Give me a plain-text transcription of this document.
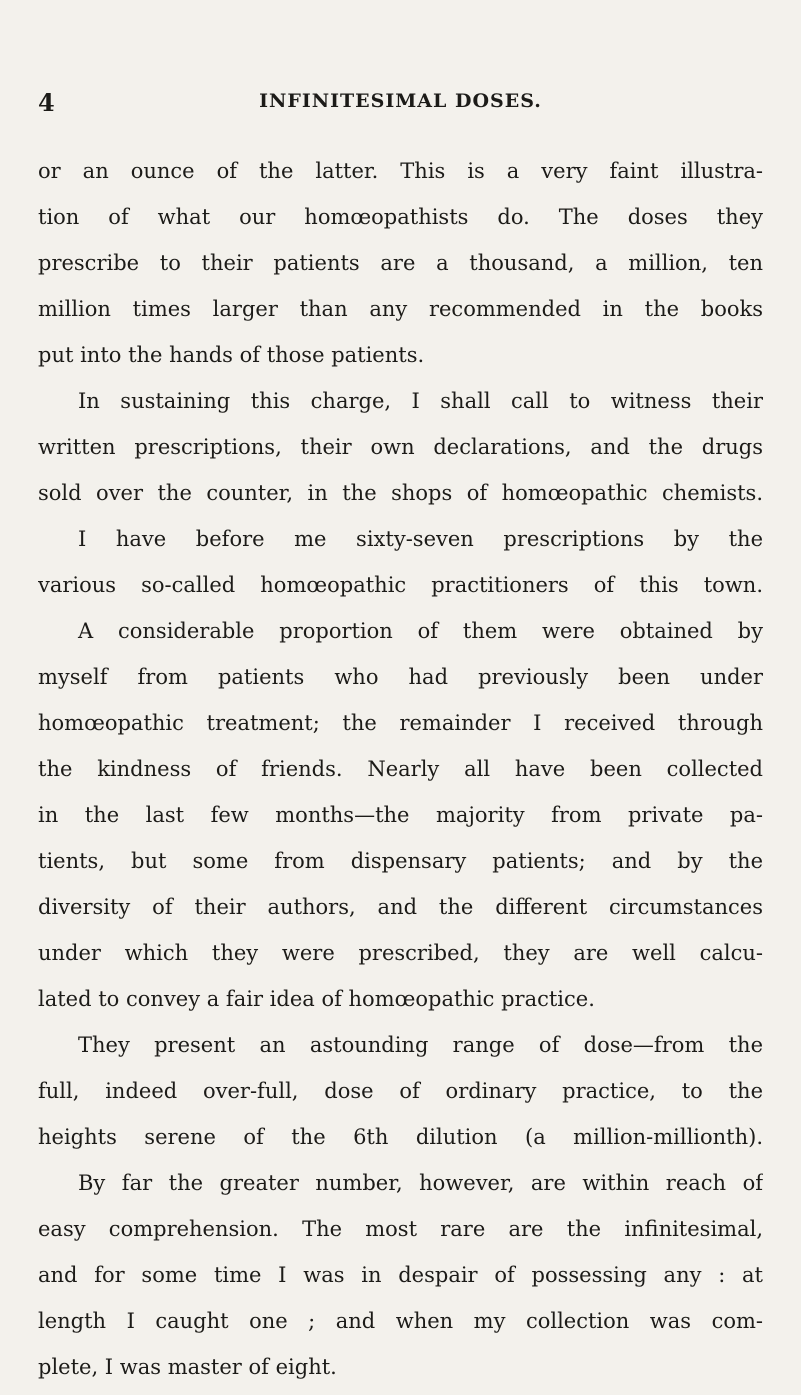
4	INFINITESIMAL DOSES.
or an ounce of the latter. This is a very faint illustra-
tion of what our homœopathists do. The doses they
prescribe to their patients are a thousand, a million, ten
million times larger than any recommended in the books
put into the hands of those patients.
In sustaining this charge, I shall call to witness their
written prescriptions, their own declarations, and the drugs
sold over the counter, in the shops of homœopathic chemists.
I have before me sixty-seven prescriptions by the
various so-called homœopathic practitioners of this town.
A considerable proportion of them were obtained by
myself from patients who had previously been under
homœopathic treatment; the remainder I received through
the kindness of friends. Nearly all have been collected
in the last few months—the majority from private pa-
tients, but some from dispensary patients; and by the
diversity of their authors, and the different circumstances
under which they were prescribed, they are well calcu-
lated to convey a fair idea of homœopathic practice.
They present an astounding range of dose—from the
full, indeed over-full, dose of ordinary practice, to the
heights serene of the 6th dilution (a million-millionth).
By far the greater number, however, are within reach of
easy comprehension. The most rare are the infinitesimal,
and for some time I was in despair of possessing any : at
length I caught one ; and when my collection was com-
plete, I was master of eight.
